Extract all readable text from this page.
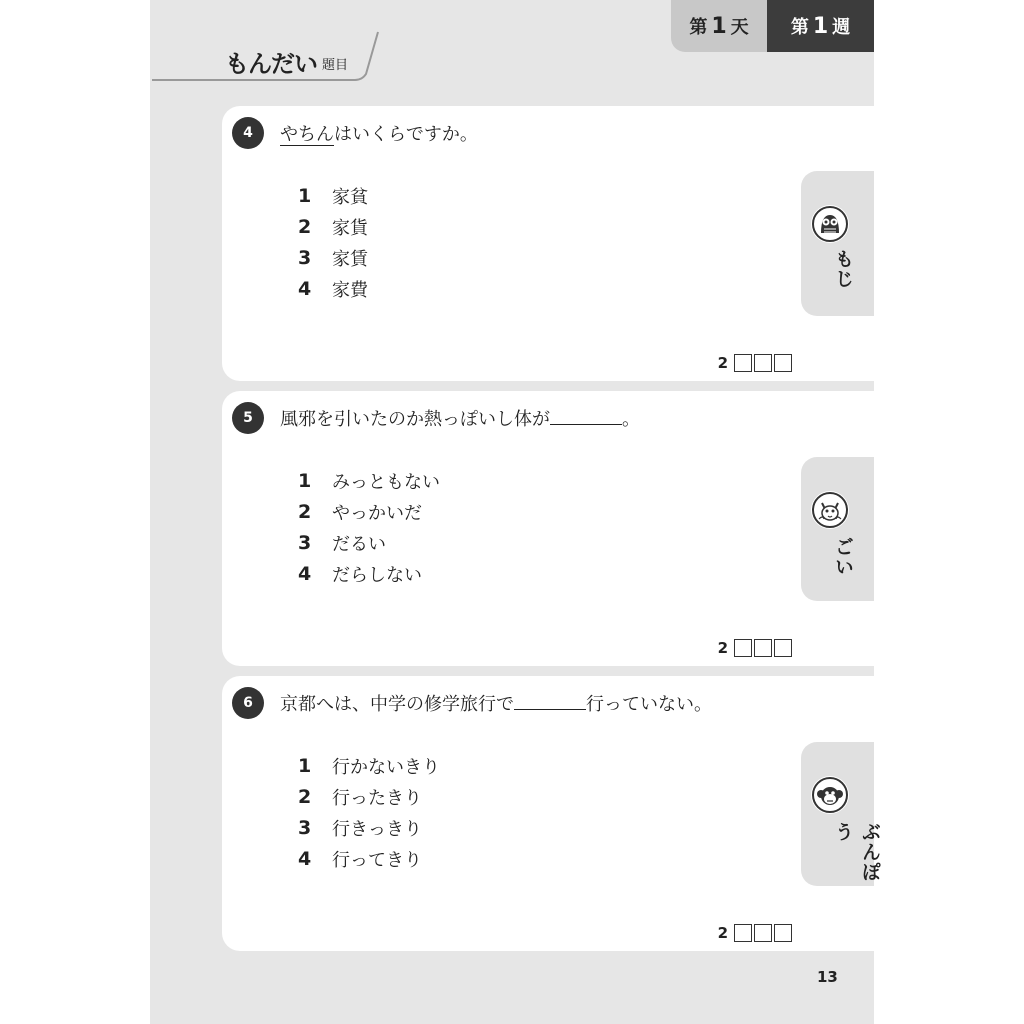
もんだい 題目
第 1 天 第 1 週
4	やちんはいくらですか。
1	家貧
2	家貨
3	家賃
4	家費
2
もじ
5	風邪を引いたのか熱っぽいし体が	。
1	みっともない
2	やっかいだ
3	だるい
4	だらしない
2
ごい
6	京都へは、中学の修学旅行で	行っていない。
1	行かないきり
2	行ったきり
3	行きっきり
4	行ってきり
2
ぶんぽう
13
